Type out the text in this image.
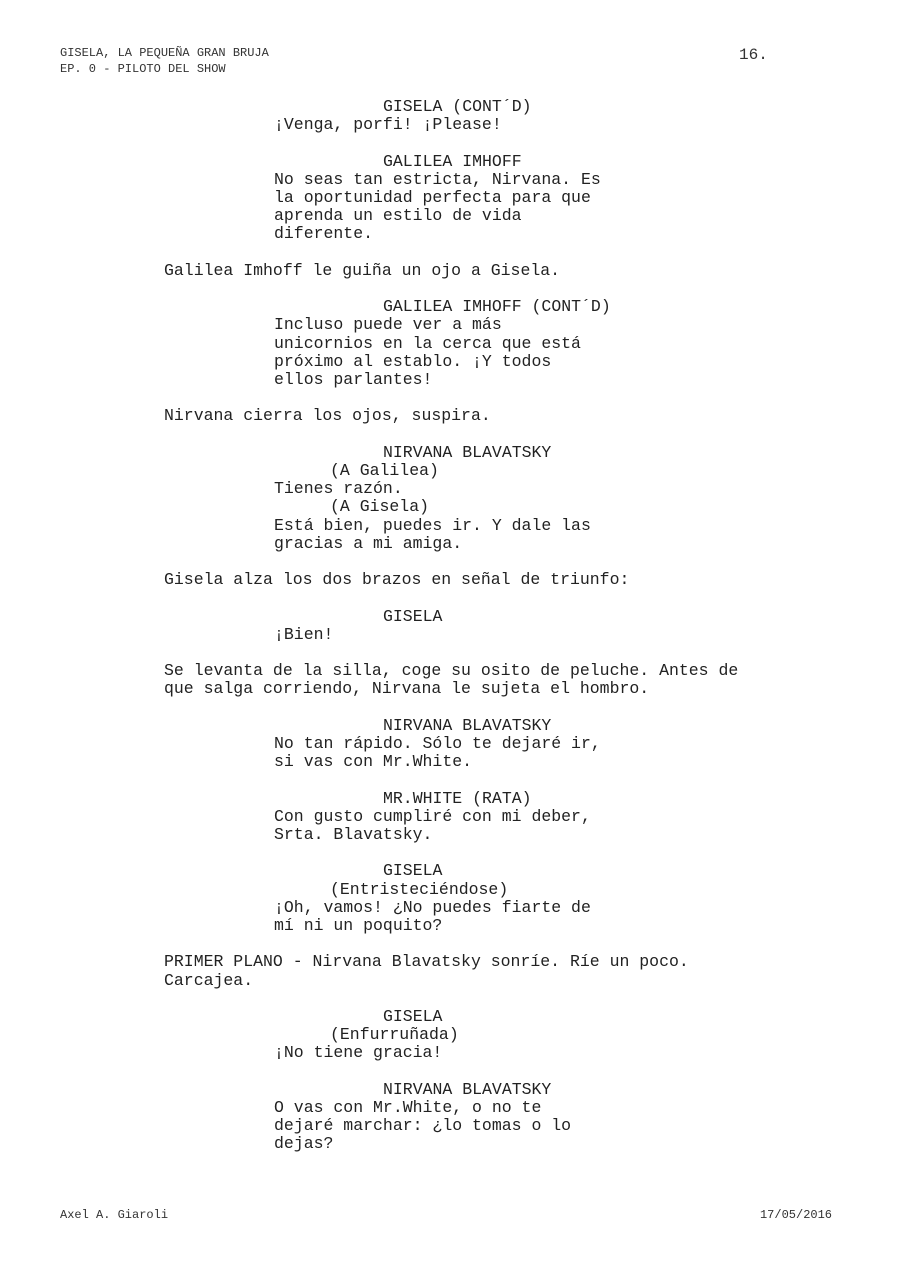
GISELA, LA PEQUEÑA GRAN BRUJA
EP. 0 - PILOTO DEL SHOW
16.
GISELA (CONT´D)
¡Venga, porfi! ¡Please!
GALILEA IMHOFF
No seas tan estricta, Nirvana. Es
la oportunidad perfecta para que
aprenda un estilo de vida
diferente.
Galilea Imhoff le guiña un ojo a Gisela.
GALILEA IMHOFF (CONT´D)
Incluso puede ver a más
unicornios en la cerca que está
próximo al establo. ¡Y todos
ellos parlantes!
Nirvana cierra los ojos, suspira.
NIRVANA BLAVATSKY
(A Galilea)
Tienes razón.
(A Gisela)
Está bien, puedes ir. Y dale las
gracias a mi amiga.
Gisela alza los dos brazos en señal de triunfo:
GISELA
¡Bien!
Se levanta de la silla, coge su osito de peluche. Antes de
que salga corriendo, Nirvana le sujeta el hombro.
NIRVANA BLAVATSKY
No tan rápido. Sólo te dejaré ir,
si vas con Mr.White.
MR.WHITE (RATA)
Con gusto cumpliré con mi deber,
Srta. Blavatsky.
GISELA
(Entristeciéndose)
¡Oh, vamos! ¿No puedes fiarte de
mí ni un poquito?
PRIMER PLANO - Nirvana Blavatsky sonríe. Ríe un poco.
Carcajea.
GISELA
(Enfurruñada)
¡No tiene gracia!
NIRVANA BLAVATSKY
O vas con Mr.White, o no te
dejaré marchar: ¿lo tomas o lo
dejas?
Axel A. Giaroli	17/05/2016
